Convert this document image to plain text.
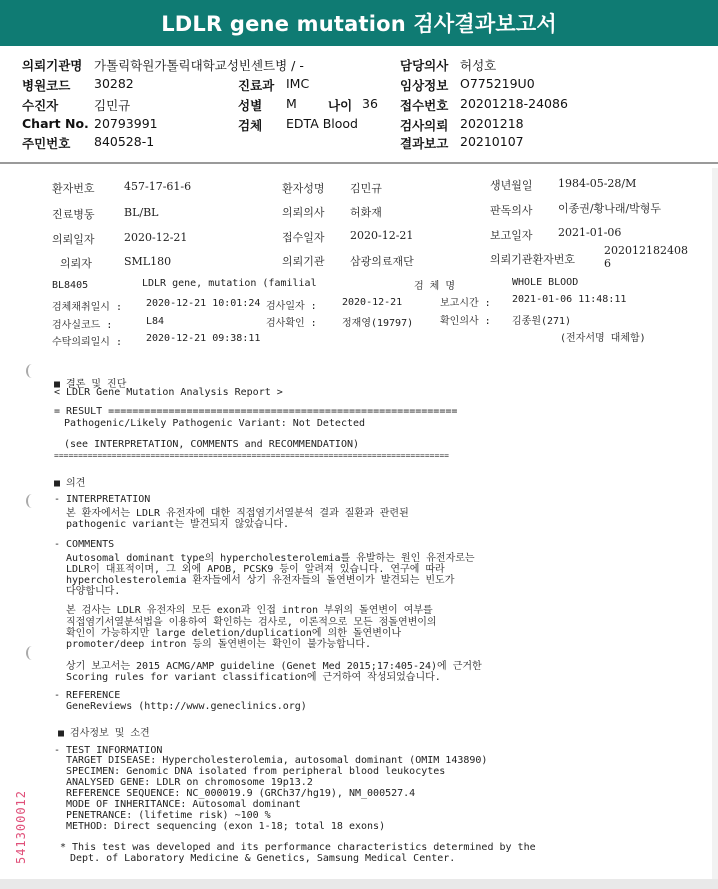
LDLR gene mutation 검사결과보고서
의뢰기관명 가톨릭학원가톨릭대학교성빈센트병 / -	담당의사 허성호
병원코드 30282	진료과 IMC	임상정보 O775219U0
수진자	김민규	성별 M 나이 36 접수번호 20201218-24086
Chart No. 20793991	검체 EDTA Blood	검사의뢰 20201218
주민번호 840528-1	결과보고 20210107
환자번호	457-17-61-6	환자성명 김민규	생년월일 1984-05-28/M
진료병동	BL/BL	의뢰의사 허화재	판독의사 이종권/황나래/박형두
의뢰일자	2020-12-21	접수일자 2020-12-21	보고일자 2021-01-06
의뢰자	SML180	의뢰기관 삼광의료재단	의뢰기관환자번호
202012182408
6
BL8405	LDLR gene, mutation (familial	검 체 명	WHOLE BLOOD
검체채취일시 : 2020-12-21 10:01:24 검사일자 :	2020-12-21	보고시간 : 2021-01-06 11:48:11
검사실코드 :	L84	검사확인 :	정재영(19797)	확인의사 : 김종원(271)
수탁의뢰일시 : 2020-12-21 09:38:11	(전자서명 대체함)
■ 결론 및 진단
< LDLR Gene Mutation Analysis Report >
= RESULT ==========================================================
Pathogenic/Likely Pathogenic Variant: Not Detected
(see INTERPRETATION, COMMENTS and RECOMMENDATION)
==================================================================================
■ 의견
- INTERPRETATION
본 환자에서는 LDLR 유전자에 대한 직접염기서열분석 결과 질환과 관련된
pathogenic variant는 발견되지 않았습니다.
- COMMENTS
Autosomal dominant type의 hypercholesterolemia를 유발하는 원인 유전자로는
LDLR이 대표적이며, 그 외에 APOB, PCSK9 등이 알려져 있습니다. 연구에 따라
hypercholesterolemia 환자들에서 상기 유전자들의 돌연변이가 발견되는 빈도가
다양합니다.
본 검사는 LDLR 유전자의 모든 exon과 인접 intron 부위의 돌연변이 여부를
직접염기서열분석법을 이용하여 확인하는 검사로, 이론적으로 모든 점돌연변이의
확인이 가능하지만 large deletion/duplication에 의한 돌연변이나
promoter/deep intron 등의 돌연변이는 확인이 불가능합니다.
상기 보고서는 2015 ACMG/AMP guideline (Genet Med 2015;17:405-24)에 근거한
Scoring rules for variant classification에 근거하여 작성되었습니다.
- REFERENCE
GeneReviews (http://www.geneclinics.org)
■ 검사정보 및 소견
- TEST INFORMATION
TARGET DISEASE: Hypercholesterolemia, autosomal dominant (OMIM 143890)
SPECIMEN: Genomic DNA isolated from peripheral blood leukocytes
ANALYSED GENE: LDLR on chromosome 19p13.2
REFERENCE SEQUENCE: NC_000019.9 (GRCh37/hg19), NM_000527.4
MODE OF INHERITANCE: Autosomal dominant
PENETRANCE: (lifetime risk) ~100 %
METHOD: Direct sequencing (exon 1-18; total 18 exons)
* This test was developed and its performance characteristics determined by the
Dept. of Laboratory Medicine & Genetics, Samsung Medical Center.
541300012
